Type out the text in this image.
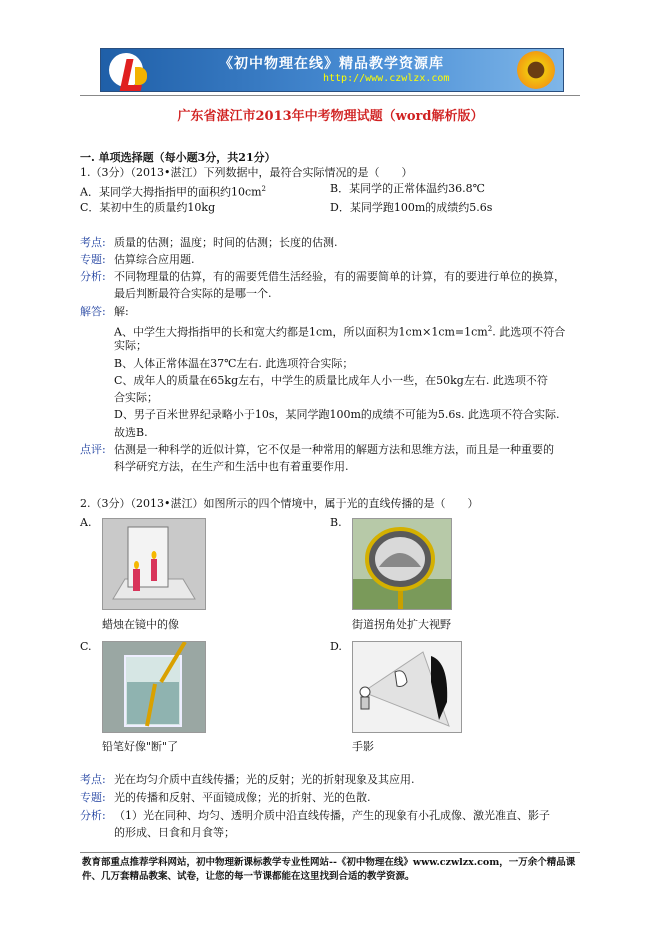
《初中物理在线》精品教学资源库
http://www.czwlzx.com
广东省湛江市2013年中考物理试题（word解析版）
一. 单项选择题（每小题3分，共21分）
1.（3分）（2013•湛江）下列数据中，最符合实际情况的是（　　）
A．某同学大拇指指甲的面积约$10cm^2$	B．某同学的正常体温约36.8℃
C．某初中生的质量约10kg	D．某同学跑100m的成绩约5.6s
考点: 质量的估测；温度；时间的估测；长度的估测.
专题: 估算综合应用题.
分析: 不同物理量的估算，有的需要凭借生活经验，有的需要简单的计算，有的要进行单位的换算，
最后判断最符合实际的是哪一个.
解答: 解:
A、中学生大拇指指甲的长和宽大约都是1cm，所以面积为$1cm\times 1cm=1cm^2$. 此选项不符合
实际；
B、人体正常体温在37℃左右. 此选项符合实际；
C、成年人的质量在65kg左右，中学生的质量比成年人小一些，在50kg左右. 此选项不符
合实际；
D、男子百米世界纪录略小于10s，某同学跑100m的成绩不可能为5.6s. 此选项不符合实际.
故选B.
点评: 估测是一种科学的近似计算，它不仅是一种常用的解题方法和思维方法，而且是一种重要的
科学研究方法，在生产和生活中也有着重要作用.
2.（3分）（2013•湛江）如图所示的四个情境中，属于光的直线传播的是（　　）
A.	B.
蜡烛在镜中的像	街道拐角处扩大视野
C.	D.
铅笔好像"断"了	手影
考点: 光在均匀介质中直线传播；光的反射；光的折射现象及其应用.
专题: 光的传播和反射、平面镜成像；光的折射、光的色散.
分析: （1）光在同种、均匀、透明介质中沿直线传播，产生的现象有小孔成像、激光准直、影子
的形成、日食和月食等；
教育部重点推荐学科网站，初中物理新课标教学专业性网站--《初中物理在线》www.czwlzx.com，一万余个精品课件、几万套精品教案、试卷，让您的每一节课都能在这里找到合适的教学资源。
